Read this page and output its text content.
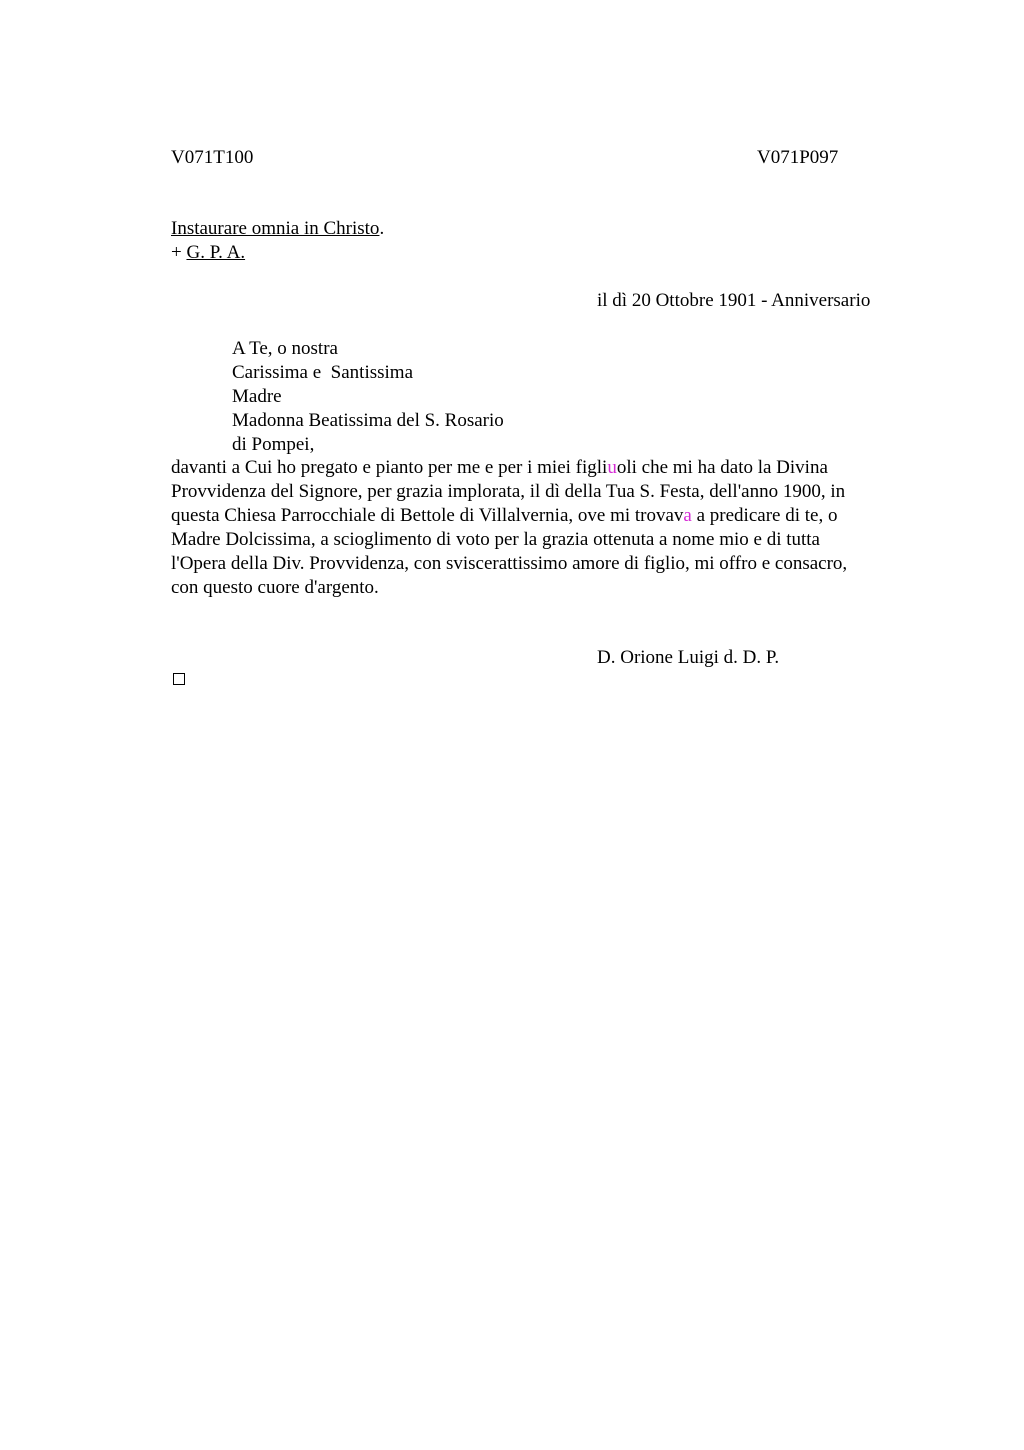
V071T100	V071P097
Instaurare omnia in Christo.
+ G. P. A.
il dì 20 Ottobre 1901 - Anniversario
A Te, o nostra
Carissima e  Santissima
Madre
Madonna Beatissima del S. Rosario
di Pompei,
davanti a Cui ho pregato e pianto per me e per i miei figliuoli che mi ha dato la Divina
Provvidenza del Signore, per grazia implorata, il dì della Tua S. Festa, dell'anno 1900, in
questa Chiesa Parrocchiale di Bettole di Villalvernia, ove mi trovava a predicare di te, o
Madre Dolcissima, a scioglimento di voto per la grazia ottenuta a nome mio e di tutta
l'Opera della Div. Provvidenza, con sviscerattissimo amore di figlio, mi offro e consacro,
con questo cuore d'argento.
D. Orione Luigi d. D. P.
